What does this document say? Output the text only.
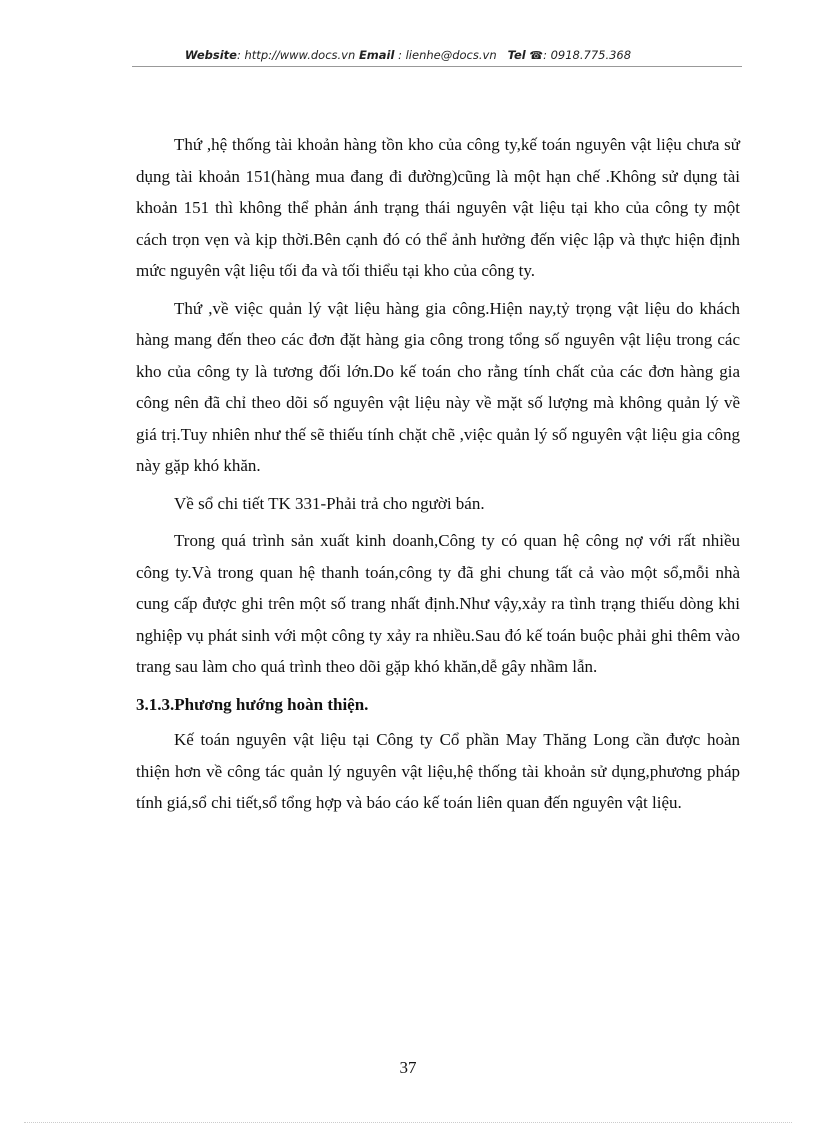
Website: http://www.docs.vn Email : lienhe@docs.vn Tel ☎: 0918.775.368

Thứ ,hệ thống tài khoản hàng tồn kho của công ty,kế toán nguyên vật liệu chưa sử dụng tài khoản 151(hàng mua đang đi đường)cũng là một hạn chế .Không sử dụng tài khoản 151 thì không thể phản ánh trạng thái nguyên vật liệu tại kho của công ty một cách trọn vẹn và kịp thời.Bên cạnh đó có thể ảnh hưởng đến việc lập và thực hiện định mức nguyên vật liệu tối đa và tối thiểu tại kho của công ty.

Thứ ,về việc quản lý vật liệu hàng gia công.Hiện nay,tỷ trọng vật liệu do khách hàng mang đến theo các đơn đặt hàng gia công trong tổng số nguyên vật liệu trong các kho của công ty là tương đối lớn.Do kế toán cho rằng tính chất của các đơn hàng gia công nên đã chỉ theo dõi số nguyên vật liệu này về mặt số lượng mà không quản lý về giá trị.Tuy nhiên như thế sẽ thiếu tính chặt chẽ ,việc quản lý số nguyên vật liệu gia công này gặp khó khăn.

Về sổ chi tiết TK 331-Phải trả cho người bán.

Trong quá trình sản xuất kinh doanh,Công ty có quan hệ công nợ với rất nhiều công ty.Và trong quan hệ thanh toán,công ty đã ghi chung tất cả vào một sổ,mỗi nhà cung cấp được ghi trên một số trang nhất định.Như vậy,xảy ra tình trạng thiếu dòng khi nghiệp vụ phát sinh với một công ty xảy ra nhiều.Sau đó kế toán buộc phải ghi thêm vào trang sau làm cho quá trình theo dõi gặp khó khăn,dễ gây nhầm lẫn.

3.1.3.Phương hướng hoàn thiện.

Kế toán nguyên vật liệu tại Công ty Cổ phần May Thăng Long cần được hoàn thiện hơn về công tác quản lý nguyên vật liệu,hệ thống tài khoản sử dụng,phương pháp tính giá,sổ chi tiết,sổ tổng hợp và báo cáo kế toán liên quan đến nguyên vật liệu.

37
